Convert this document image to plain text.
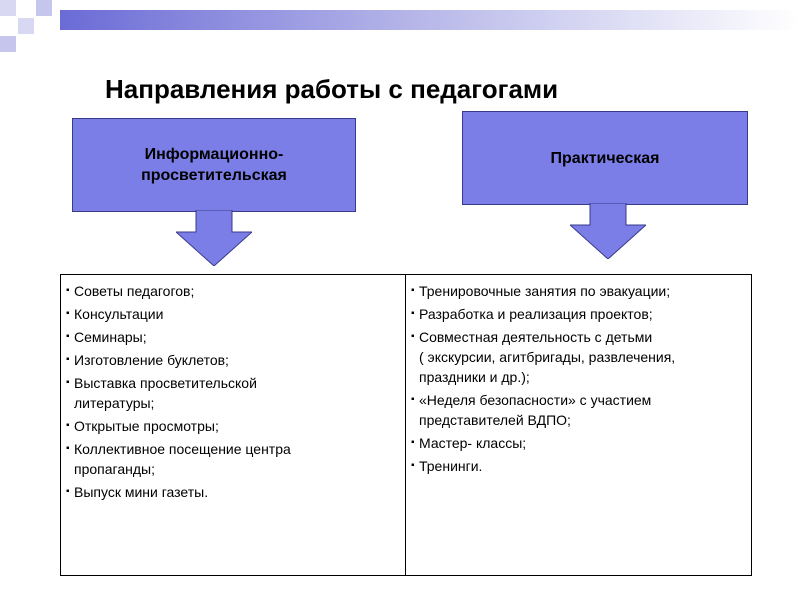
Направления работы с педагогами
Информационно-
просветительская
Практическая
▪ Советы педагогов;
▪ Консультации
▪ Семинары;
▪ Изготовление буклетов;
▪ Выставка просветительской
литературы;
▪ Открытые просмотры;
▪ Коллективное посещение центра
пропаганды;
▪ Выпуск мини газеты.
▪ Тренировочные занятия по эвакуации;
▪ Разработка и реализация проектов;
▪ Совместная деятельность с детьми
( экскурсии, агитбригады, развлечения,
праздники и др.);
▪ «Неделя безопасности» с участием
представителей ВДПО;
▪ Мастер- классы;
▪ Тренинги.
